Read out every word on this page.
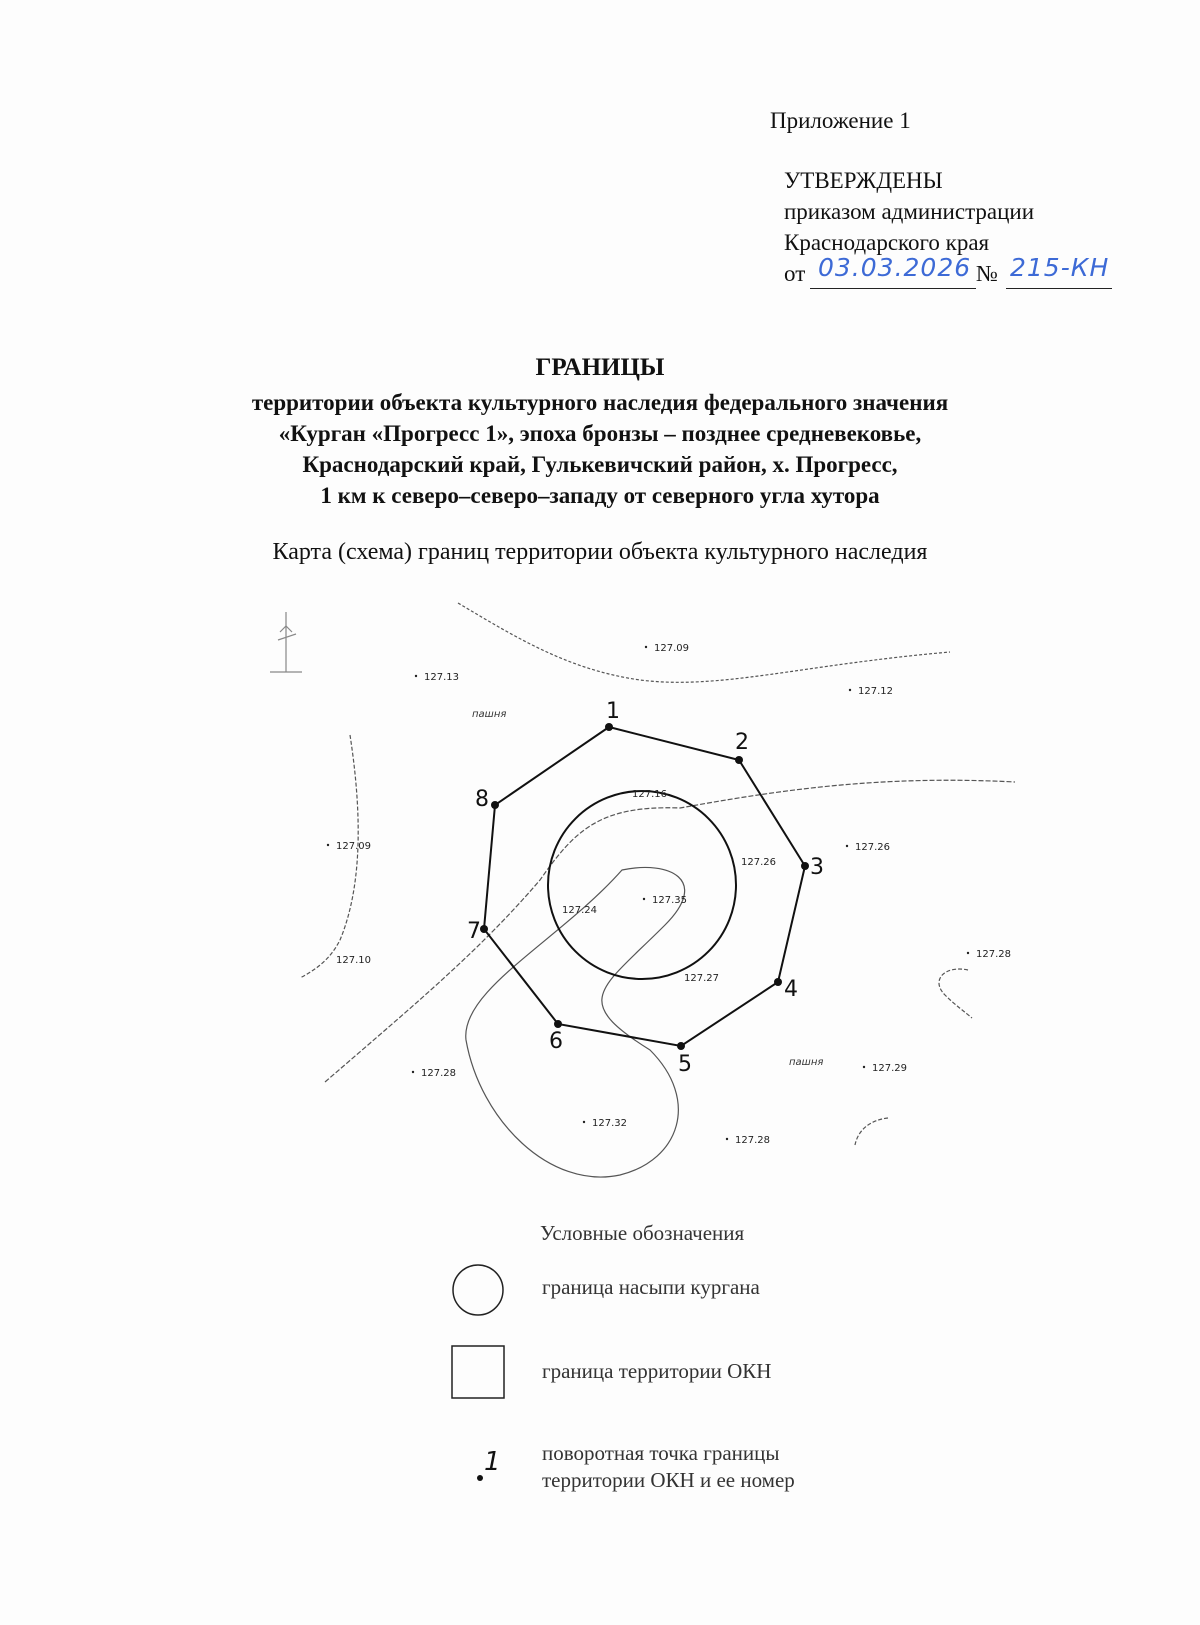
Приложение 1
УТВЕРЖДЕНЫ
приказом администрации
Краснодарского края
от 03.03.2026 № 215-КН
ГРАНИЦЫ
территории объекта культурного наследия федерального значения
«Курган «Прогресс 1», эпоха бронзы – позднее средневековье,
Краснодарский край, Гулькевичский район, х. Прогресс,
1 км к северо–северо–западу от северного угла хутора
Карта (схема) границ территории объекта культурного наследия
1
2
3
4
5
6
7
8
пашня
пашня
127.09
127.13
127.12
127.16
127.26
127.26
127.09
127.35
127.24
127.27
127.28
127.10
127.28	127.29
127.32
127.28
Условные обозначения
граница насыпи кургана
граница территории ОКН
1 поворотная точка границы
территории ОКН и ее номер
